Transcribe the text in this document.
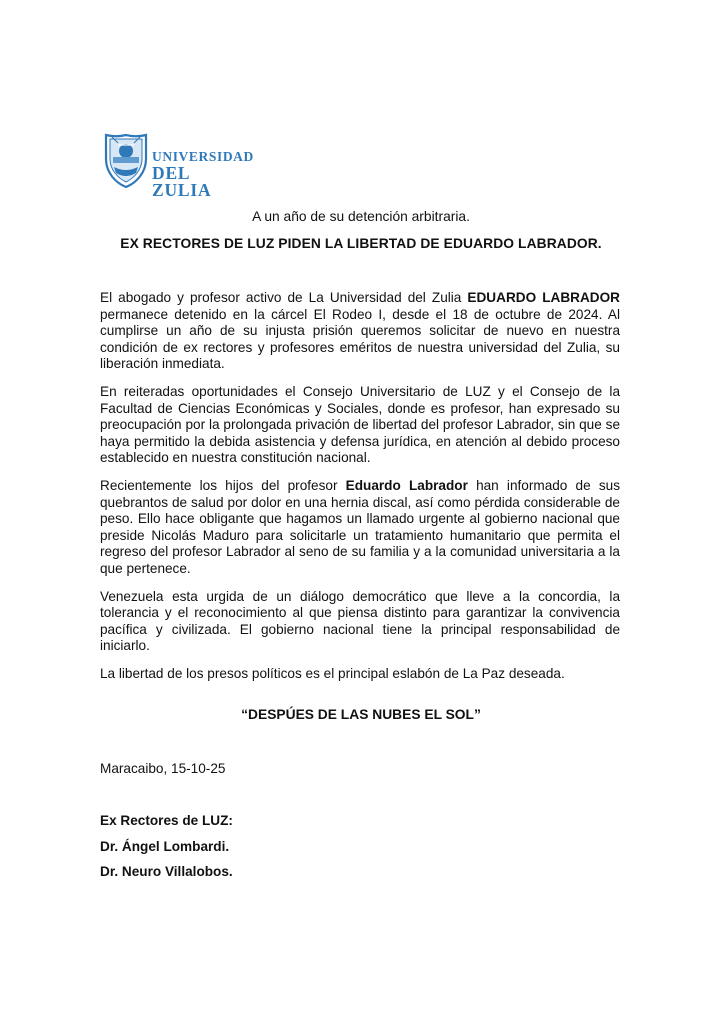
UNIVERSIDAD
DEL ZULIA
A un año de su detención arbitraria.
EX RECTORES DE LUZ PIDEN LA LIBERTAD DE EDUARDO LABRADOR.

El abogado y profesor activo de La Universidad del Zulia EDUARDO LABRADOR permanece detenido en la cárcel El Rodeo I, desde el 18 de octubre de 2024. Al cumplirse un año de su injusta prisión queremos solicitar de nuevo en nuestra condición de ex rectores y profesores eméritos de nuestra universidad del Zulia, su liberación inmediata.

En reiteradas oportunidades el Consejo Universitario de LUZ y el Consejo de la Facultad de Ciencias Económicas y Sociales, donde es profesor, han expresado su preocupación por la prolongada privación de libertad del profesor Labrador, sin que se haya permitido la debida asistencia y defensa jurídica, en atención al debido proceso establecido en nuestra constitución nacional.

Recientemente los hijos del profesor Eduardo Labrador han informado de sus quebrantos de salud por dolor en una hernia discal, así como pérdida considerable de peso. Ello hace obligante que hagamos un llamado urgente al gobierno nacional que preside Nicolás Maduro para solicitarle un tratamiento humanitario que permita el regreso del profesor Labrador al seno de su familia y a la comunidad universitaria a la que pertenece.

Venezuela esta urgida de un diálogo democrático que lleve a la concordia, la tolerancia y el reconocimiento al que piensa distinto para garantizar la convivencia pacífica y civilizada. El gobierno nacional tiene la principal responsabilidad de iniciarlo.

La libertad de los presos políticos es el principal eslabón de La Paz deseada.

“DESPÚES DE LAS NUBES EL SOL”
Maracaibo, 15-10-25
Ex Rectores de LUZ:
Dr. Ángel Lombardi.
Dr. Neuro Villalobos.
